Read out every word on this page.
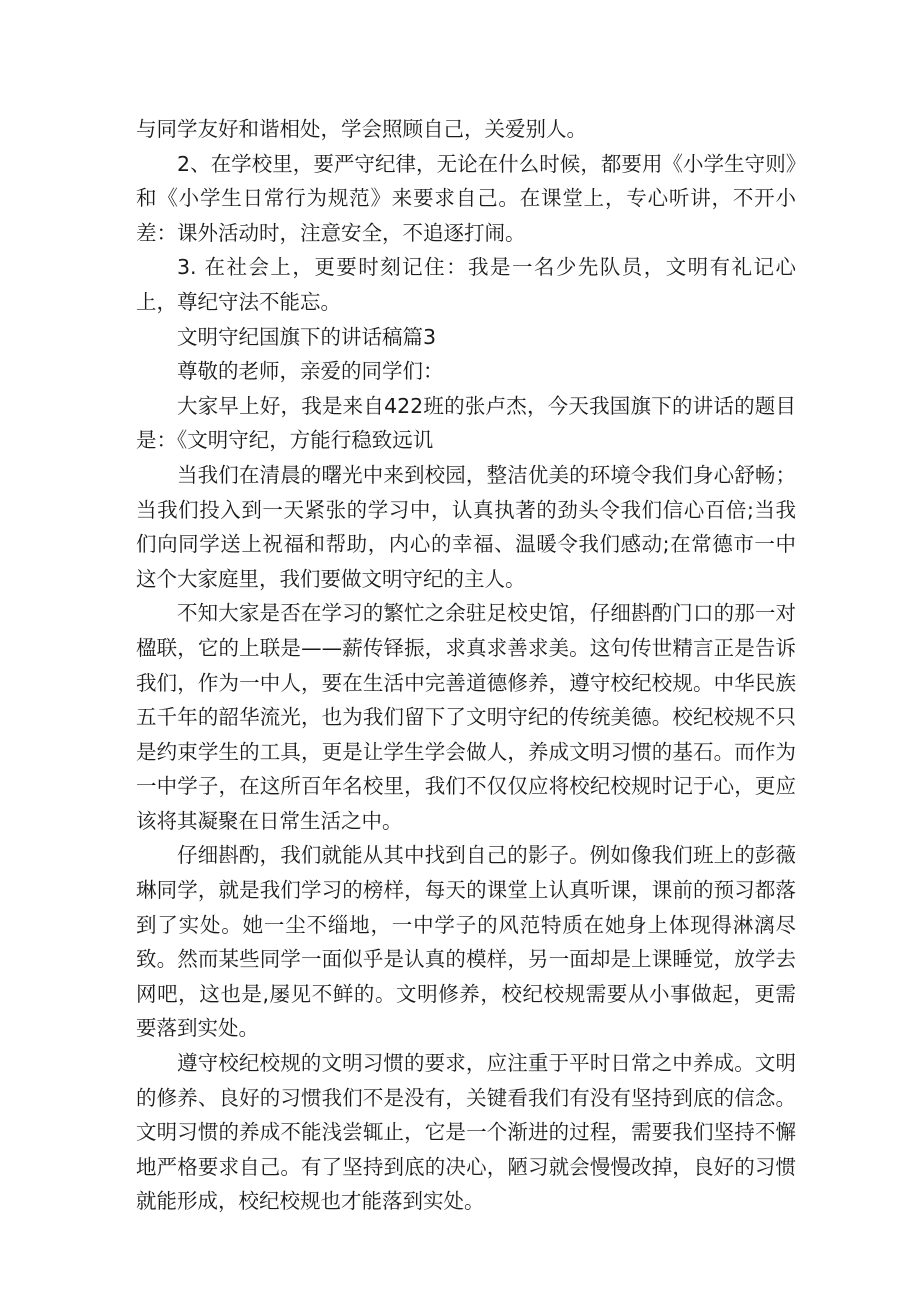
与同学友好和谐相处，学会照顾自己，关爱别人。

2、在学校里，要严守纪律，无论在什么时候，都要用《小学生守则》和《小学生日常行为规范》来要求自己。在课堂上，专心听讲，不开小差：课外活动时，注意安全，不追逐打闹。

3. 在社会上，更要时刻记住：我是一名少先队员，文明有礼记心上，尊纪守法不能忘。

文明守纪国旗下的讲话稿篇3

尊敬的老师，亲爱的同学们：

大家早上好，我是来自422班的张卢杰，今天我国旗下的讲话的题目是：《文明守纪，方能行稳致远讥

当我们在清晨的曙光中来到校园，整洁优美的环境令我们身心舒畅；当我们投入到一天紧张的学习中，认真执著的劲头令我们信心百倍;当我们向同学送上祝福和帮助，内心的幸福、温暖令我们感动;在常德市一中这个大家庭里，我们要做文明守纪的主人。

不知大家是否在学习的繁忙之余驻足校史馆，仔细斟酌门口的那一对楹联，它的上联是——薪传铎振，求真求善求美。这句传世精言正是告诉我们，作为一中人，要在生活中完善道德修养，遵守校纪校规。中华民族五千年的韶华流光，也为我们留下了文明守纪的传统美德。校纪校规不只是约束学生的工具，更是让学生学会做人，养成文明习惯的基石。而作为一中学子，在这所百年名校里，我们不仅仅应将校纪校规时记于心，更应该将其凝聚在日常生活之中。

仔细斟酌，我们就能从其中找到自己的影子。例如像我们班上的彭薇琳同学，就是我们学习的榜样，每天的课堂上认真听课，课前的预习都落到了实处。她一尘不缁地，一中学子的风范特质在她身上体现得淋漓尽致。然而某些同学一面似乎是认真的模样，另一面却是上课睡觉，放学去网吧，这也是,屡见不鲜的。文明修养，校纪校规需要从小事做起，更需要落到实处。

遵守校纪校规的文明习惯的要求，应注重于平时日常之中养成。文明的修养、良好的习惯我们不是没有，关键看我们有没有坚持到底的信念。文明习惯的养成不能浅尝辄止，它是一个渐进的过程，需要我们坚持不懈地严格要求自己。有了坚持到底的决心，陋习就会慢慢改掉，良好的习惯就能形成，校纪校规也才能落到实处。
